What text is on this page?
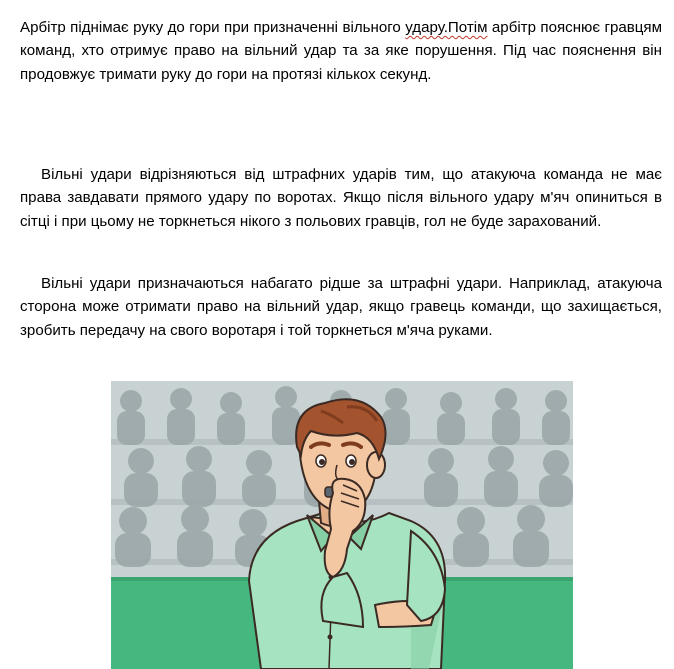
Арбітр піднімає руку до гори при призначенні вільного удару.Потім арбітр пояснює гравцям команд, хто отримує право на вільний удар та за яке порушення. Під час пояснення він продовжує тримати руку до гори на протязі кількох секунд.

Вільні удари відрізняються від штрафних ударів тим, що атакуюча команда не має права завдавати прямого удару по воротах. Якщо після вільного удару м'яч опиниться в сітці і при цьому не торкнеться нікого з польових гравців, гол не буде зарахований.

Вільні удари призначаються набагато рідше за штрафні удари. Наприклад, атакуюча сторона може отримати право на вільний удар, якщо гравець команди, що захищається, зробить передачу на свого воротаря і той торкнеться м'яча руками.
